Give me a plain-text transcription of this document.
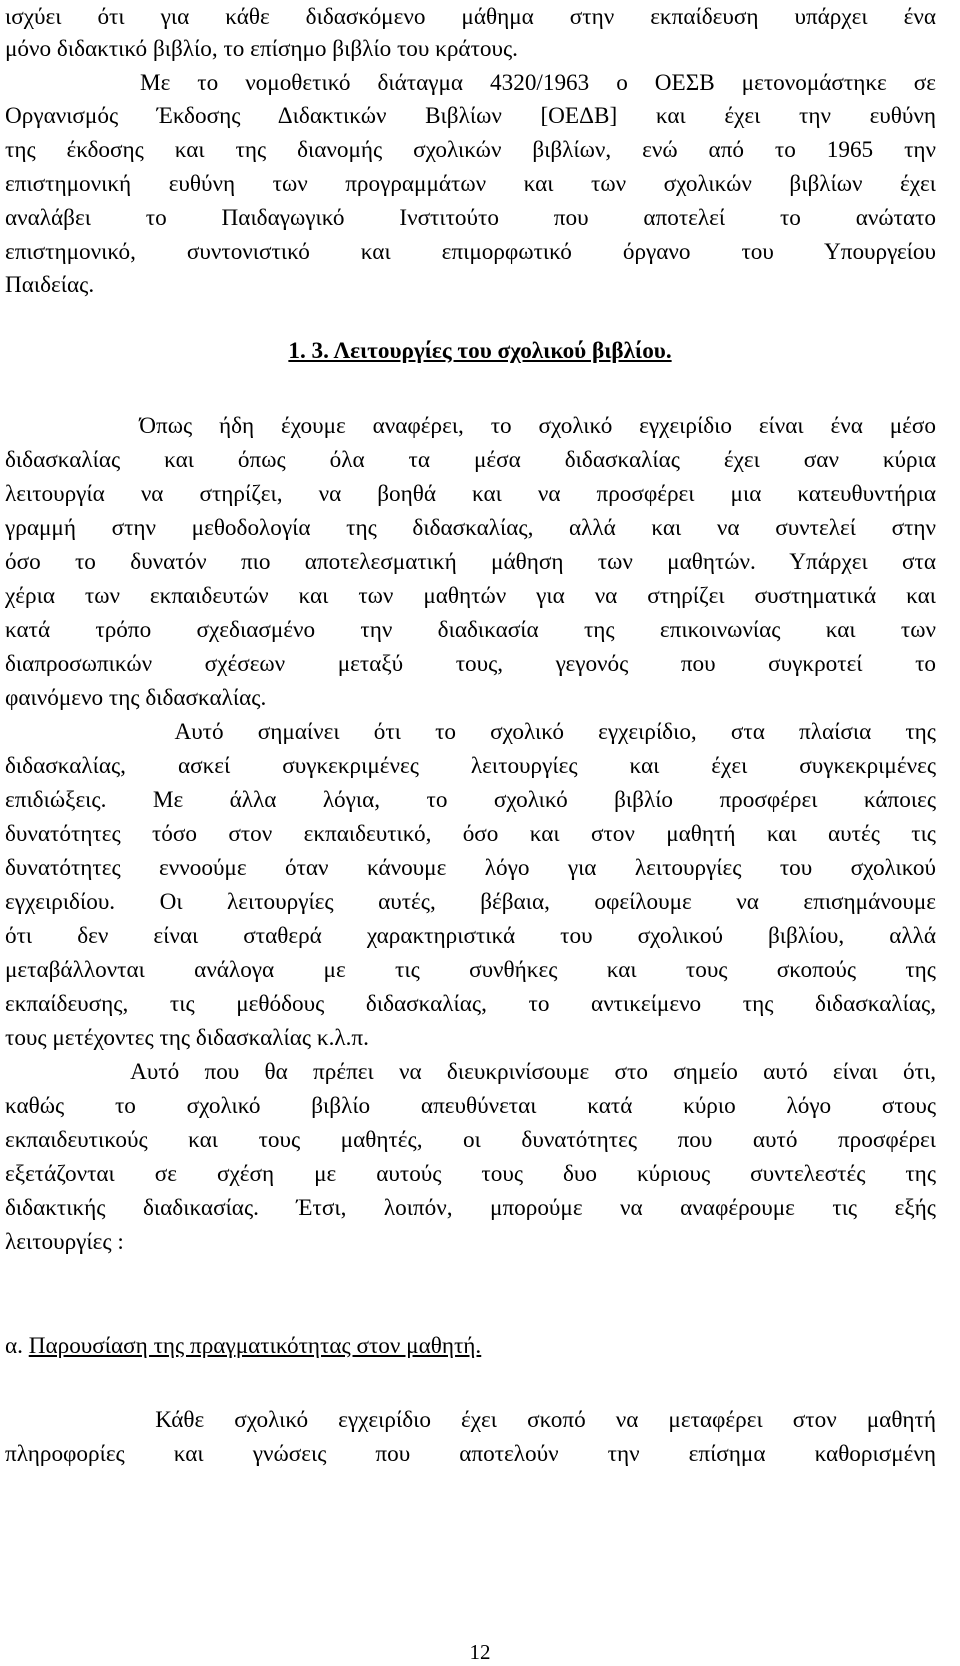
ισχύει ότι για κάθε διδασκόμενο μάθημα στην εκπαίδευση υπάρχει ένα

μόνο διδακτικό βιβλίο, το επίσημο βιβλίο του κράτους.

Με το νομοθετικό διάταγμα 4320/1963 ο ΟΕΣΒ μετονομάστηκε σε

Οργανισμός Έκδοσης Διδακτικών Βιβλίων [ΟΕΔΒ] και έχει την ευθύνη

της έκδοσης και της διανομής σχολικών βιβλίων, ενώ από το 1965 την

επιστημονική ευθύνη των προγραμμάτων και των σχολικών βιβλίων έχει

αναλάβει το Παιδαγωγικό Ινστιτούτο που αποτελεί το ανώτατο

επιστημονικό, συντονιστικό και επιμορφωτικό όργανο του Υπουργείου

Παιδείας.

1. 3. Λειτουργίες του σχολικού βιβλίου.

Όπως ήδη έχουμε αναφέρει, το σχολικό εγχειρίδιο είναι ένα μέσο

διδασκαλίας και όπως όλα τα μέσα διδασκαλίας έχει σαν κύρια

λειτουργία να στηρίζει, να βοηθά και να προσφέρει μια κατευθυντήρια

γραμμή στην μεθοδολογία της διδασκαλίας, αλλά και να συντελεί στην

όσο το δυνατόν πιο αποτελεσματική μάθηση των μαθητών. Υπάρχει στα

χέρια των εκπαιδευτών και των μαθητών για να στηρίζει συστηματικά και

κατά τρόπο σχεδιασμένο την διαδικασία της επικοινωνίας και των

διαπροσωπικών σχέσεων μεταξύ τους, γεγονός που συγκροτεί το

φαινόμενο της διδασκαλίας.

Αυτό σημαίνει ότι το σχολικό εγχειρίδιο, στα πλαίσια της

διδασκαλίας, ασκεί συγκεκριμένες λειτουργίες και έχει συγκεκριμένες

επιδιώξεις. Με άλλα λόγια, το σχολικό βιβλίο προσφέρει κάποιες

δυνατότητες τόσο στον εκπαιδευτικό, όσο και στον μαθητή και αυτές τις

δυνατότητες εννοούμε όταν κάνουμε λόγο για λειτουργίες του σχολικού

εγχειριδίου. Οι λειτουργίες αυτές, βέβαια, οφείλουμε να επισημάνουμε

ότι δεν είναι σταθερά χαρακτηριστικά του σχολικού βιβλίου, αλλά

μεταβάλλονται ανάλογα με τις συνθήκες και τους σκοπούς της

εκπαίδευσης, τις μεθόδους διδασκαλίας, το αντικείμενο της διδασκαλίας,

τους μετέχοντες της διδασκαλίας κ.λ.π.

Αυτό που θα πρέπει να διευκρινίσουμε στο σημείο αυτό είναι ότι,

καθώς το σχολικό βιβλίο απευθύνεται κατά κύριο λόγο στους

εκπαιδευτικούς και τους μαθητές, οι δυνατότητες που αυτό προσφέρει

εξετάζονται σε σχέση με αυτούς τους δυο κύριους συντελεστές της

διδακτικής διαδικασίας. Έτσι, λοιπόν, μπορούμε να αναφέρουμε τις εξής

λειτουργίες :

α. Παρουσίαση της πραγματικότητας στον μαθητή.

Κάθε σχολικό εγχειρίδιο έχει σκοπό να μεταφέρει στον μαθητή

πληροφορίες και γνώσεις που αποτελούν την επίσημα καθορισμένη

12
